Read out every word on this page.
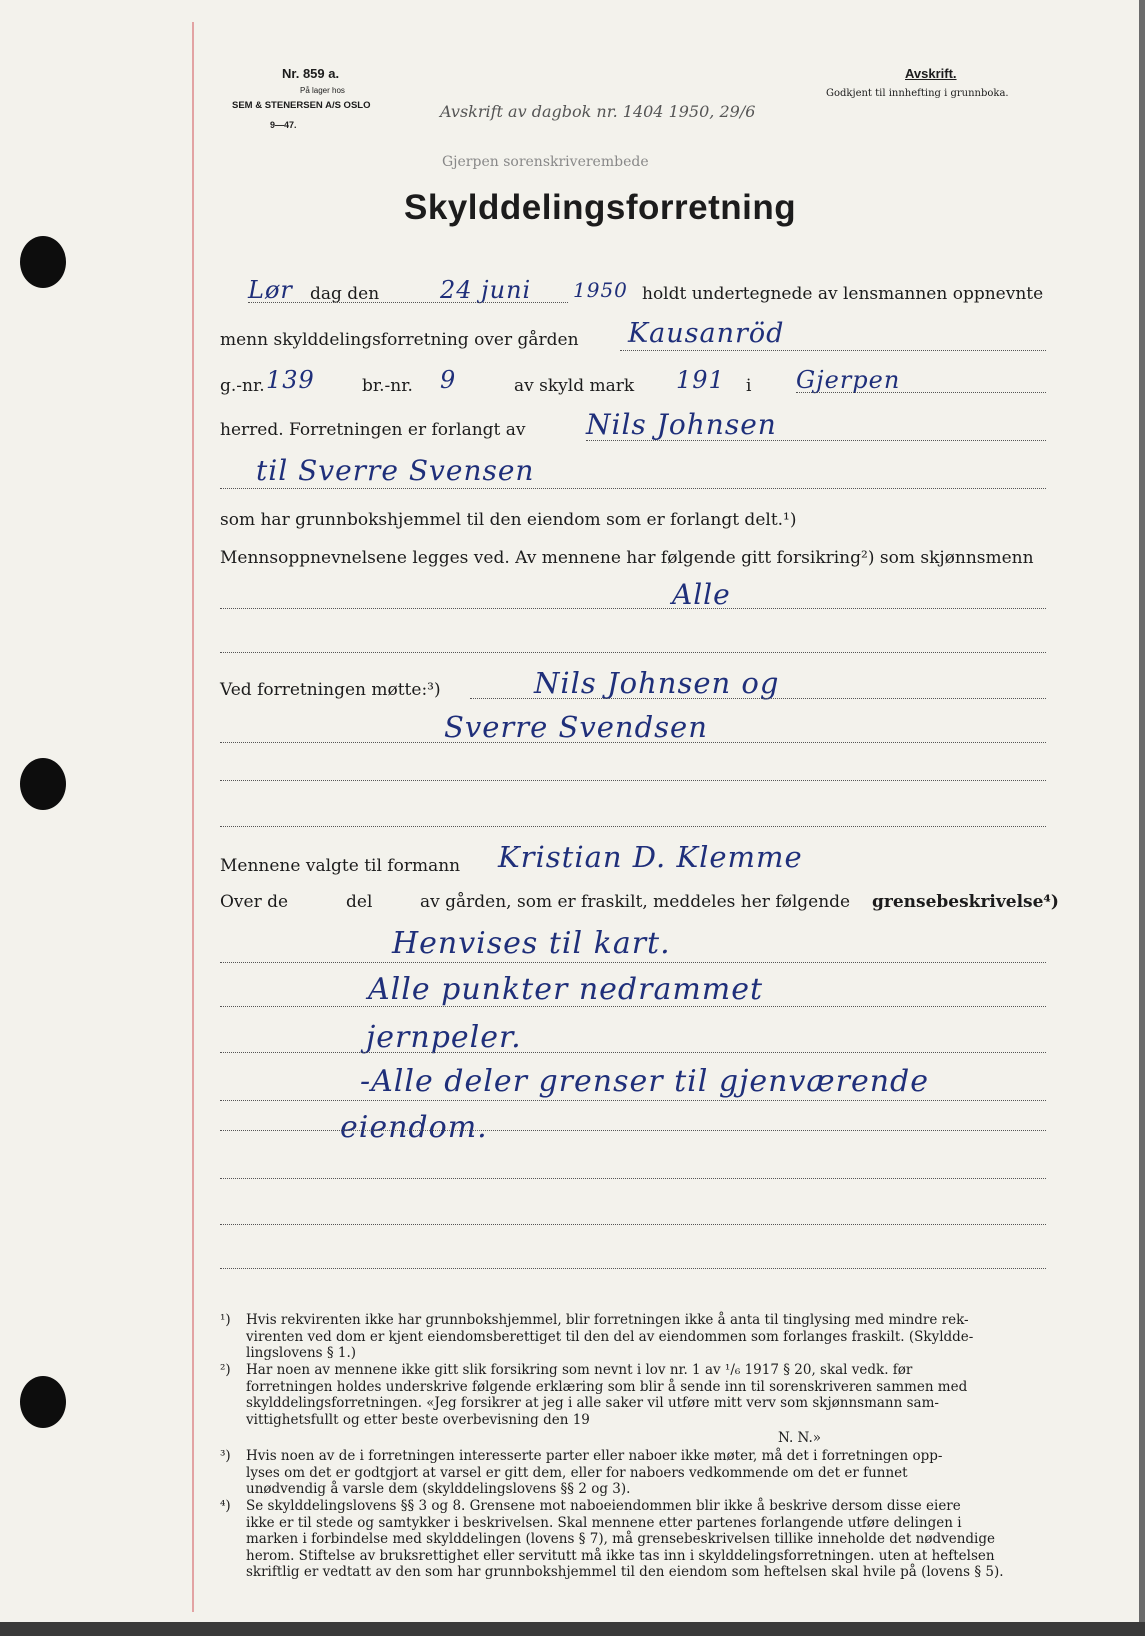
Nr. 859 a.
På lager hos
SEM & STENERSEN A/S OSLO
9—47.
Avskrift.
Godkjent til innhefting i grunnboka.
Avskrift av dagbok nr. 1404 1950, 29/6
Gjerpen sorenskriverembede
Skylddelingsforretning
Lør dag den	24 juni 1950 holdt undertegnede av lensmannen oppnevnte
menn skylddelingsforretning over gården Kausanröd
g.-nr. 139	br.-nr. 9	av skyld mark 191 i Gjerpen
herred. Forretningen er forlangt av Nils Johnsen
til Sverre Svensen
som har grunnbokshjemmel til den eiendom som er forlangt delt.¹)
Mennsoppnevnelsene legges ved. Av mennene har følgende gitt forsikring²) som skjønnsmenn
Alle
Ved forretningen møtte:³)	Nils Johnsen og
Sverre Svendsen
Mennene valgte til formann Kristian D. Klemme
Over de	del	av gården, som er fraskilt, meddeles her følgende grensebeskrivelse⁴)
Henvises til kart.
Alle punkter nedrammet
jernpeler.
-Alle deler grenser til gjenværende
eiendom.
¹) Hvis rekvirenten ikke har grunnbokshjemmel, blir forretningen ikke å anta til tinglysing med mindre rek-
virenten ved dom er kjent eiendomsberettiget til den del av eiendommen som forlanges fraskilt. (Skyldde-
lingslovens § 1.)
²) Har noen av mennene ikke gitt slik forsikring som nevnt i lov nr. 1 av ¹/₆ 1917 § 20, skal vedk. før
forretningen holdes underskrive følgende erklæring som blir å sende inn til sorenskriveren sammen med
skylddelingsforretningen. «Jeg forsikrer at jeg i alle saker vil utføre mitt verv som skjønnsmann sam-
vittighetsfullt og etter beste overbevisning den 19
N. N.»
³) Hvis noen av de i forretningen interesserte parter eller naboer ikke møter, må det i forretningen opp-
lyses om det er godtgjort at varsel er gitt dem, eller for naboers vedkommende om det er funnet
unødvendig å varsle dem (skylddelingslovens §§ 2 og 3).
⁴) Se skylddelingslovens §§ 3 og 8. Grensene mot naboeiendommen blir ikke å beskrive dersom disse eiere
ikke er til stede og samtykker i beskrivelsen. Skal mennene etter partenes forlangende utføre delingen i
marken i forbindelse med skylddelingen (lovens § 7), må grensebeskrivelsen tillike inneholde det nødvendige
herom. Stiftelse av bruksrettighet eller servitutt må ikke tas inn i skylddelingsforretningen. uten at heftelsen
skriftlig er vedtatt av den som har grunnbokshjemmel til den eiendom som heftelsen skal hvile på (lovens § 5).
